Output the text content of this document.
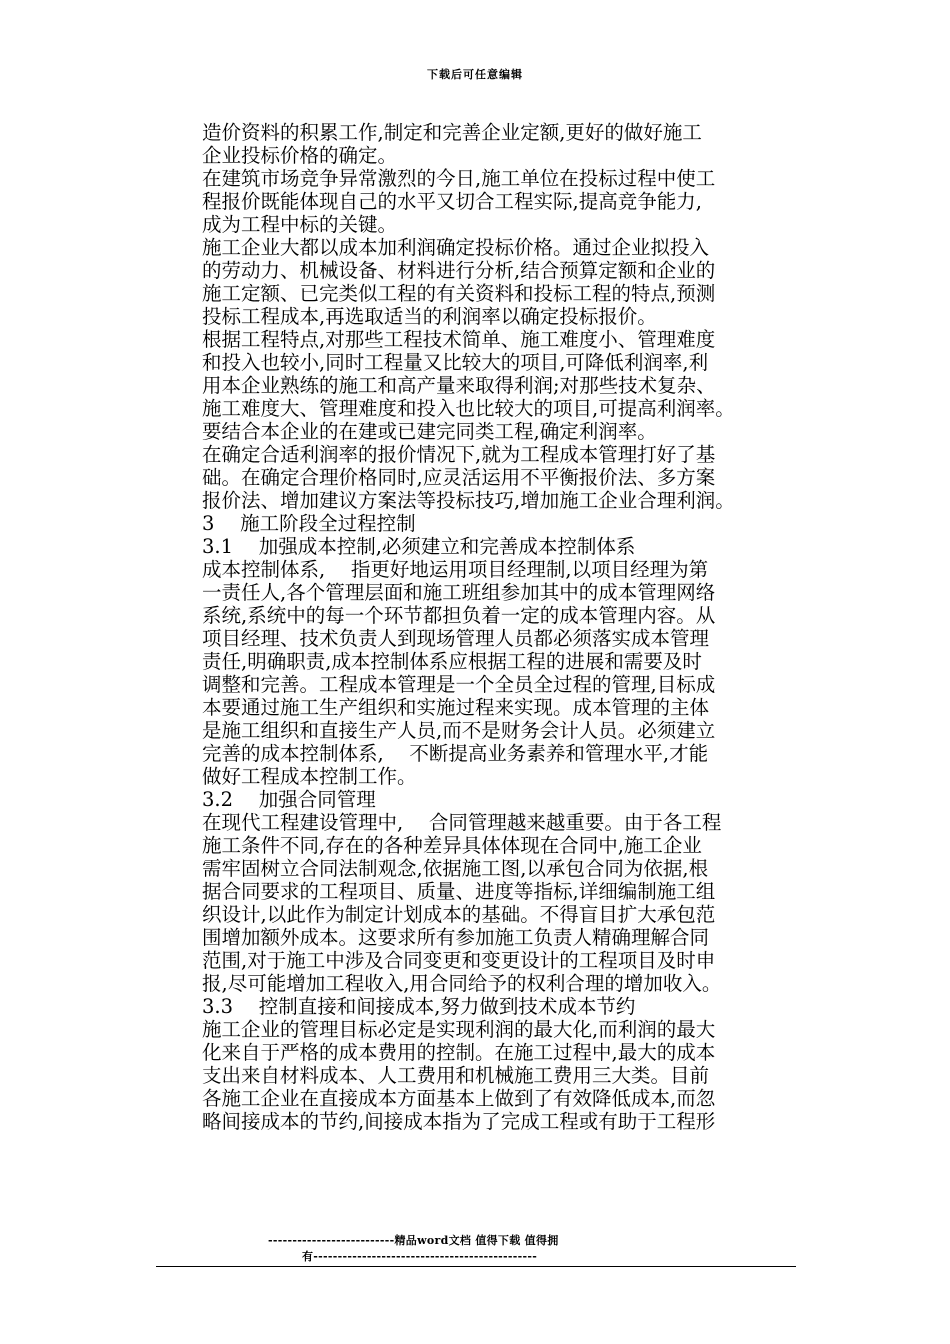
下载后可任意编辑
造价资料的积累工作,制定和完善企业定额,更好的做好施工
企业投标价格的确定。
在建筑市场竞争异常激烈的今日,施工单位在投标过程中使工
程报价既能体现自己的水平又切合工程实际,提高竞争能力,
成为工程中标的关键。
施工企业大都以成本加利润确定投标价格。通过企业拟投入
的劳动力、机械设备、材料进行分析,结合预算定额和企业的
施工定额、已完类似工程的有关资料和投标工程的特点,预测
投标工程成本,再选取适当的利润率以确定投标报价。
根据工程特点,对那些工程技术简单、施工难度小、管理难度
和投入也较小,同时工程量又比较大的项目,可降低利润率,利
用本企业熟练的施工和高产量来取得利润;对那些技术复杂、
施工难度大、管理难度和投入也比较大的项目,可提高利润率。
要结合本企业的在建或已建完同类工程,确定利润率。
在确定合适利润率的报价情况下,就为工程成本管理打好了基
础。在确定合理价格同时,应灵活运用不平衡报价法、多方案
报价法、增加建议方案法等投标技巧,增加施工企业合理利润。
3　 施工阶段全过程控制
3.1　 加强成本控制,必须建立和完善成本控制体系
成本控制体系,　 指更好地运用项目经理制,以项目经理为第
一责任人,各个管理层面和施工班组参加其中的成本管理网络
系统,系统中的每一个环节都担负着一定的成本管理内容。从
项目经理、技术负责人到现场管理人员都必须落实成本管理
责任,明确职责,成本控制体系应根据工程的进展和需要及时
调整和完善。工程成本管理是一个全员全过程的管理,目标成
本要通过施工生产组织和实施过程来实现。成本管理的主体
是施工组织和直接生产人员,而不是财务会计人员。必须建立
完善的成本控制体系,　 不断提高业务素养和管理水平,才能
做好工程成本控制工作。
3.2　 加强合同管理
在现代工程建设管理中,　 合同管理越来越重要。由于各工程
施工条件不同,存在的各种差异具体体现在合同中,施工企业
需牢固树立合同法制观念,依据施工图,以承包合同为依据,根
据合同要求的工程项目、质量、进度等指标,详细编制施工组
织设计,以此作为制定计划成本的基础。不得盲目扩大承包范
围增加额外成本。这要求所有参加施工负责人精确理解合同
范围,对于施工中涉及合同变更和变更设计的工程项目及时申
报,尽可能增加工程收入,用合同给予的权利合理的增加收入。
3.3　 控制直接和间接成本,努力做到技术成本节约
施工企业的管理目标必定是实现利润的最大化,而利润的最大
化来自于严格的成本费用的控制。在施工过程中,最大的成本
支出来自材料成本、人工费用和机械施工费用三大类。目前
各施工企业在直接成本方面基本上做到了有效降低成本,而忽
略间接成本的节约,间接成本指为了完成工程或有助于工程形
--------------------------精品word文档 值得下载 值得拥
有----------------------------------------------
